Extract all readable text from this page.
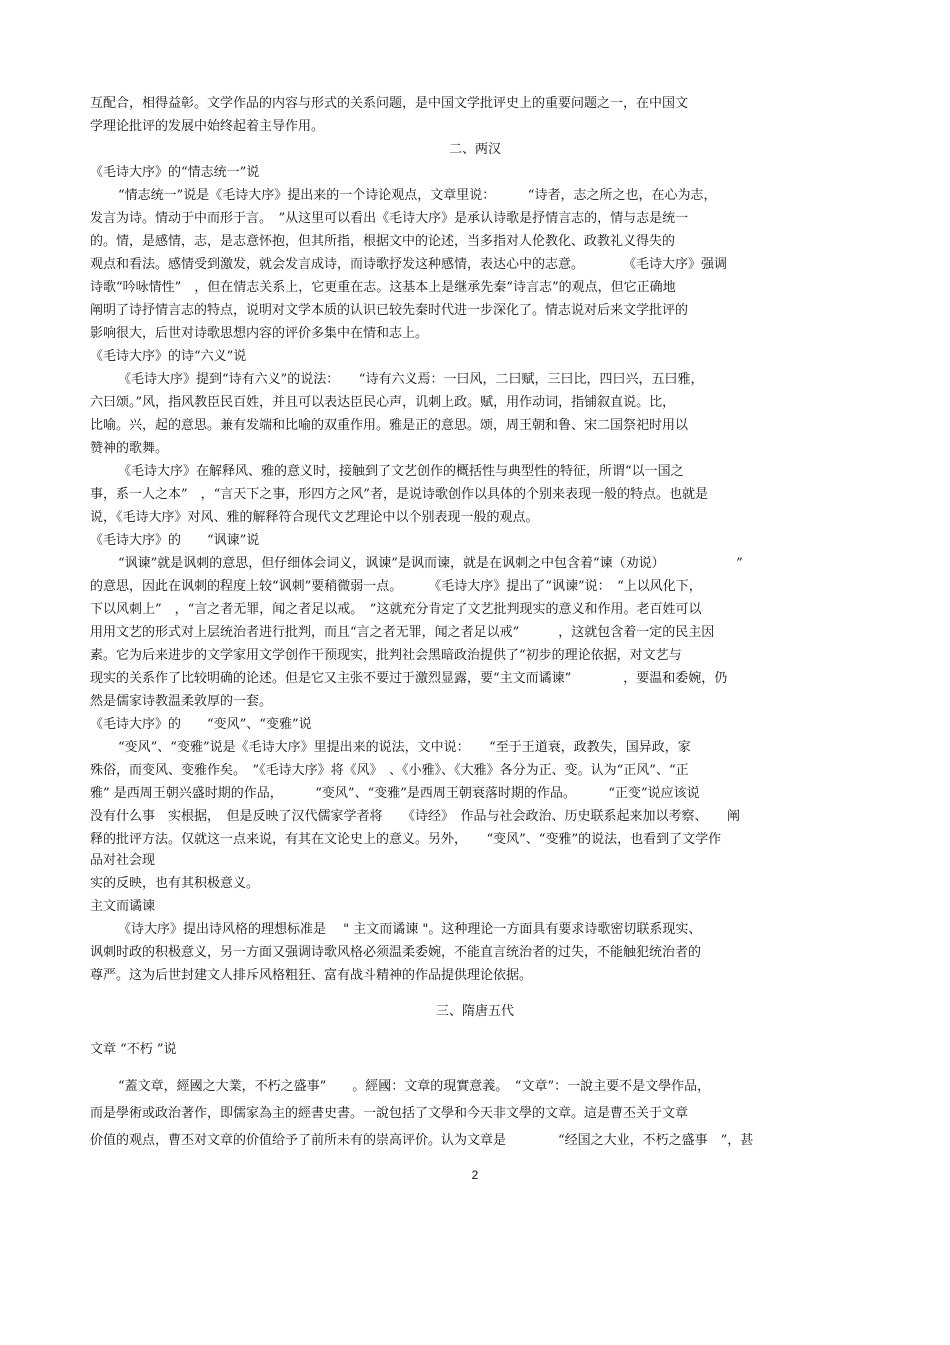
互配合，相得益彰。文学作品的内容与形式的关系问题，是中国文学批评史上的重要问题之一，在中国文
学理论批评的发展中始终起着主导作用。
二、两汉
《毛诗大序》的“情志统一”说
“情志统一”说是《毛诗大序》提出来的一个诗论观点，文章里说：　　　“诗者，志之所之也，在心为志，
发言为诗。情动于中而形于言。　”从这里可以看出《毛诗大序》是承认诗歌是抒情言志的，情与志是统一
的。情，是感情，志，是志意怀抱，但其所指，根据文中的论述，当多指对人伦教化、政教礼义得失的
观点和看法。感情受到激发，就会发言成诗，而诗歌抒发这种感情，表达心中的志意。　　　　《毛诗大序》强调
诗歌“吟咏情性”　，但在情志关系上，它更重在志。这基本上是继承先秦“诗言志”的观点，但它正确地
阐明了诗抒情言志的特点，说明对文学本质的认识已较先秦时代进一步深化了。情志说对后来文学批评的
影响很大，后世对诗歌思想内容的评价多集中在情和志上。
《毛诗大序》的诗“六义”说
《毛诗大序》提到“诗有六义”的说法：　　“诗有六义焉：一曰风，二曰赋，三曰比，四曰兴，五曰雅，
六曰颂。”风，指风教臣民百姓，并且可以表达臣民心声，讥刺上政。赋，用作动词，指铺叙直说。比，
比喻。兴，起的意思。兼有发端和比喻的双重作用。雅是正的意思。颂，周王朝和鲁、宋二国祭祀时用以
赞神的歌舞。
《毛诗大序》在解释风、雅的意义时，接触到了文艺创作的概括性与典型性的特征，所谓“以一国之
事，系一人之本”　，“言天下之事，形四方之风”者，是说诗歌创作以具体的个别来表现一般的特点。也就是
说，《毛诗大序》对风、雅的解释符合现代文艺理论中以个别表现一般的观点。
《毛诗大序》的　　“讽谏”说
“讽谏”就是讽刺的意思，但仔细体会词义，讽谏”是讽而谏，就是在讽刺之中包含着“谏（劝说）　　　　　　”
的意思，因此在讽刺的程度上较“讽刺”要稍微弱一点。　　　《毛诗大序》提出了“讽谏”说：　“上以风化下，
下以风刺上”　，“言之者无罪，闻之者足以戒。　”这就充分肯定了文艺批判现实的意义和作用。老百姓可以
用用文艺的形式对上层统治者进行批判，而且“言之者无罪，闻之者足以戒”　　　，这就包含着一定的民主因
素。它为后来进步的文学家用文学创作干预现实，批判社会黑暗政治提供了“初步的理论依据，对文艺与
现实的关系作了比较明确的论述。但是它又主张不要过于激烈显露，要“主文而谲谏”　　　　，要温和委婉，仍
然是儒家诗教温柔敦厚的一套。
《毛诗大序》的　　“变风”、“变雅”说
“变风”、“变雅”说是《毛诗大序》里提出来的说法，文中说：　　“至于王道衰，政教失，国异政，家
殊俗，而变风、变雅作矣。　”《毛诗大序》将《风》　、《小雅》、《大雅》各分为正、变。认为“正风”、“正
雅” 是西周王朝兴盛时期的作品，　　　“变风”、“变雅”是西周王朝衰落时期的作品。　　　“正变”说应该说
没有什么事　实根据，　但是反映了汉代儒家学者将　　《诗经》　作品与社会政治、历史联系起来加以考察、　　阐
释的批评方法。仅就这一点来说，有其在文论史上的意义。另外，　　“变风”、“变雅”的说法，也看到了文学作
品对社会现
实的反映，也有其积极意义。
主文而谲谏
《诗大序》提出诗风格的理想标准是　 " 主文而谲谏 "。这种理论一方面具有要求诗歌密切联系现实、
讽刺时政的积极意义，另一方面又强调诗歌风格必须温柔委婉，不能直言统治者的过失，不能触犯统治者的
尊严。这为后世封建文人排斥风格粗狂、富有战斗精神的作品提供理论依据。
三、隋唐五代
文章 “不朽 ”说
“蓋文章，經國之大業，不朽之盛事”　　。經國：文章的現實意義。　“文章”：一說主要不是文學作品，
而是學術或政治著作，即儒家為主的經書史書。一說包括了文學和今天非文學的文章。這是曹丕关于文章
价值的观点，曹丕对文章的价值给予了前所未有的崇高评价。认为文章是　　　　“经国之大业，不朽之盛事　”，甚
2
